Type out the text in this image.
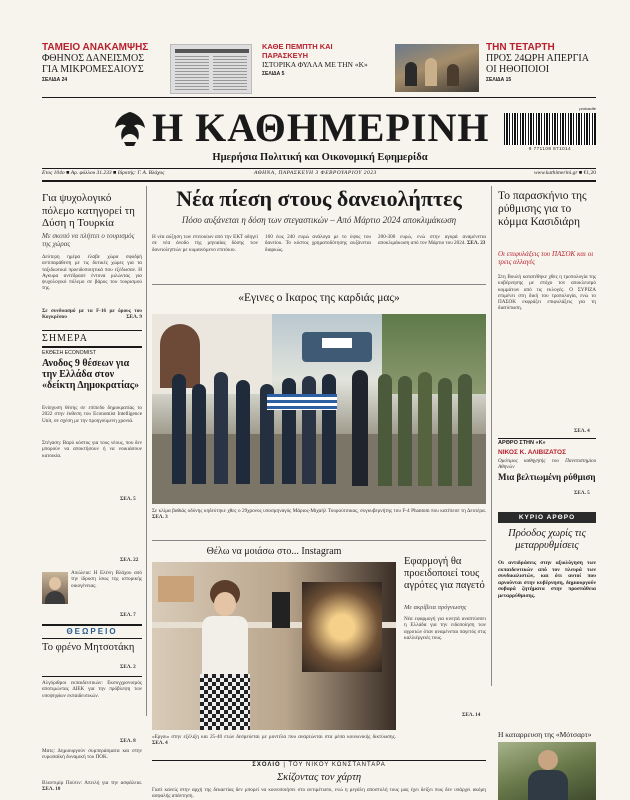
ΤΑΜΕΙΟ ΑΝΑΚΑΜΨΗΣ
ΦΘΗΝΟΣ ΔΑΝΕΙΣΜΟΣ ΓΙΑ ΜΙΚΡΟΜΕΣΑΙΟΥΣ
ΣΕΛΙΔΑ 24
ΚΑΘΕ ΠΕΜΠΤΗ ΚΑΙ ΠΑΡΑΣΚΕΥΗ
ΙΣΤΟΡΙΚΑ ΦΥΛΛΑ ΜΕ ΤΗΝ «Κ»
ΣΕΛΙΔΑ 5
ΤΗΝ ΤΕΤΑΡΤΗ
ΠΡΟΣ 24ΩΡΗ ΑΠΕΡΓΙΑ ΟΙ ΗΘΟΠΟΙΟΙ
ΣΕΛΙΔΑ 15
Η ΚΑΘΗΜΕΡΙΝΗ
Ημερήσια Πολιτική και Οικονομική Εφημερίδα
protosdfe
9 771108 871014
Ετος 104ο ■ Αρ. φύλλου 31.233 ■ Ιδρυτής: Γ. Α. Βλάχος	ΑΘΗΝΑ, ΠΑΡΑΣΚΕΥΗ 3 ΦΕΒΡΟΥΑΡΙΟΥ 2023	www.kathimerini.gr ■ €1,20
Για ψυχολογικό πόλεμο κατηγορεί τη Δύση η Τουρκία
Με σκοπό να πλήττει ο τουρισμός της χώρας
Δεύτερη ημέρα έλαβε χώρα σφοδρή αντιπαράθεση με τις δυτικές χώρες για τα ταξιδιωτικά προειδοποιητικά που εξέδωσαν. Η Αγκυρα αντέδρασε έντονα μιλώντας για ψυχολογικό πόλεμο σε βάρος του τουρισμού της.
Σε συνδυασμό με τα F-16 με όρους του Κογκρέσου	ΣΕΛ. 9
ΣΗΜΕΡΑ
ΕΚΘΕΣΗ ECONOMIST
Ανοδος 9 θέσεων για την Ελλάδα στον «δείκτη Δημοκρατίας»
Ενίσχυση θέσης σε επίπεδο δημοκρατίας το 2022 στην έκθεση του Economist Intelligence Unit, σε σχέση με την προηγούμενη χρονιά.
ΣΕΛ. 5
Στέγαση: Βαρύ κόστος για τους νέους, που δεν μπορούν να αποκτήσουν ή να νοικιάσουν κατοικία.
ΣΕΛ. 22
Απώλεια: Η Ελένη Βλάχου από την ίδρυση ίσως της ιστορικής οικογένειας.
ΣΕΛ. 7
ΘΕΩΡΕΙΟ
Το φρένο Μητσοτάκη
ΣΕΛ. 2
Αλγόριθμοι εκπαιδευτικών: Εκσυγχρονισμός αποτιμώντας ΔΙΕΚ για την πρόβλεψη των υποψηφίων εκπαιδευτικών.
ΣΕΛ. 8
Ματς: Δημιουργούν συμπεράσματα και στην ευρωπαϊκή δυναμική του ΠΟΚ.
Βλαντιμίρ Πούτιν: Απειλή για την ασφάλεια. ΣΕΛ. 10
Νέα πίεση στους δανειολήπτες
Πόσο αυξάνεται η δόση των στεγαστικών – Από Μάρτιο 2024 αποκλιμάκωση
Η νέα αύξηση των επιτοκίων από την ΕΚΤ οδηγεί σε νέα άνοδο της μηνιαίας δόσης των δανειοληπτών με κυμαινόμενο επιτόκιο.
160 έως 240 ευρώ ανάλογα με το ύψος του δανείου. Το κόστος χρηματοδότησης αυξάνεται διαρκώς.
200-300 ευρώ, ενώ στην αγορά αναμένεται αποκλιμάκωση από τον Μάρτιο του 2024. ΣΕΛ. 23
«Εγινες ο Ικαρος της καρδιάς μας»
Σε κλίμα βαθιάς οδύνης κηδεύτηκε χθες ο 29χρονος υποσμηναγός Μάριος-Μιχαήλ Τουρούτσικας, συγκυβερνήτης του F-4 Phantom που κατέπεσε τη Δευτέρα. ΣΕΛ. 3
Θέλω να μοιάσω στο... Instagram
«Εργοι» στην εξέλιξη και 25-40 ετών δεσμεύεται με μοντέλα που αναρτώνται στα μέσα κοινωνικής δικτύωσης. ΣΕΛ. 4
Εφαρμογή θα προειδοποιεί τους αγρότες για παγετό
Με ακρίβεια πρόγνωσης
Νέα εφαρμογή για κινητά αναπτύσσει η Ελλάδα για την ειδοποίηση των αγροτών όταν αναμένεται παγετός στις καλλιέργειές τους.
ΣΕΛ. 14
Το παρασκήνιο της ρύθμισης για το κόμμα Κασιδιάρη
Οι επιφυλάξεις του ΠΑΣΟΚ και οι τρεις αλλαγές
Στη Βουλή κατατέθηκε χθες η τροπολογία της κυβέρνησης με στόχο τον αποκλεισμό κομμάτων από τις εκλογές. Ο ΣΥΡΙΖΑ επιμένει στη δική του τροπολογία, ενώ το ΠΑΣΟΚ εκφράζει επιφυλάξεις για τη διατύπωση.
ΣΕΛ. 4
ΑΡΘΡΟ ΣΤΗΝ «Κ»
ΝΙΚΟΣ Κ. ΑΛΙΒΙΖΑΤΟΣ
Ομότιμος καθηγητής του Πανεπιστημίου Αθηνών
Μια βελτιωμένη ρύθμιση
ΣΕΛ. 5
ΚΥΡΙΟ ΑΡΘΡΟ
Πρόοδος χωρίς τις μεταρρυθμίσεις
Οι αντιδράσεις στην αξιολόγηση των εκπαιδευτικών από τον πλευρά των συνδικαλιστών, και ότι αυτοί που αρνούνται στην κυβέρνηση, δημιουργούν σοβαρά ζητήματα στην προσπάθεια μεταρρύθμισης.
ΣΧΟΛΙΟ | ΤΟΥ ΝΙΚΟΥ ΚΩΝΣΤΑΝΤΑΡΑ
Σκίζοντας τον χάρτη
Γιατί κανείς στην αρχή της δεκαετίας δεν μπορεί να κοινοποιήσει στο αντιμέτωπο, ενώ η μεγάλη αποστολή τους μας έχει δείξει πως δεν υπάρχει ακόμη ασφαλής απάντηση.
Η καταρρευση της «Μότσαρτ»
